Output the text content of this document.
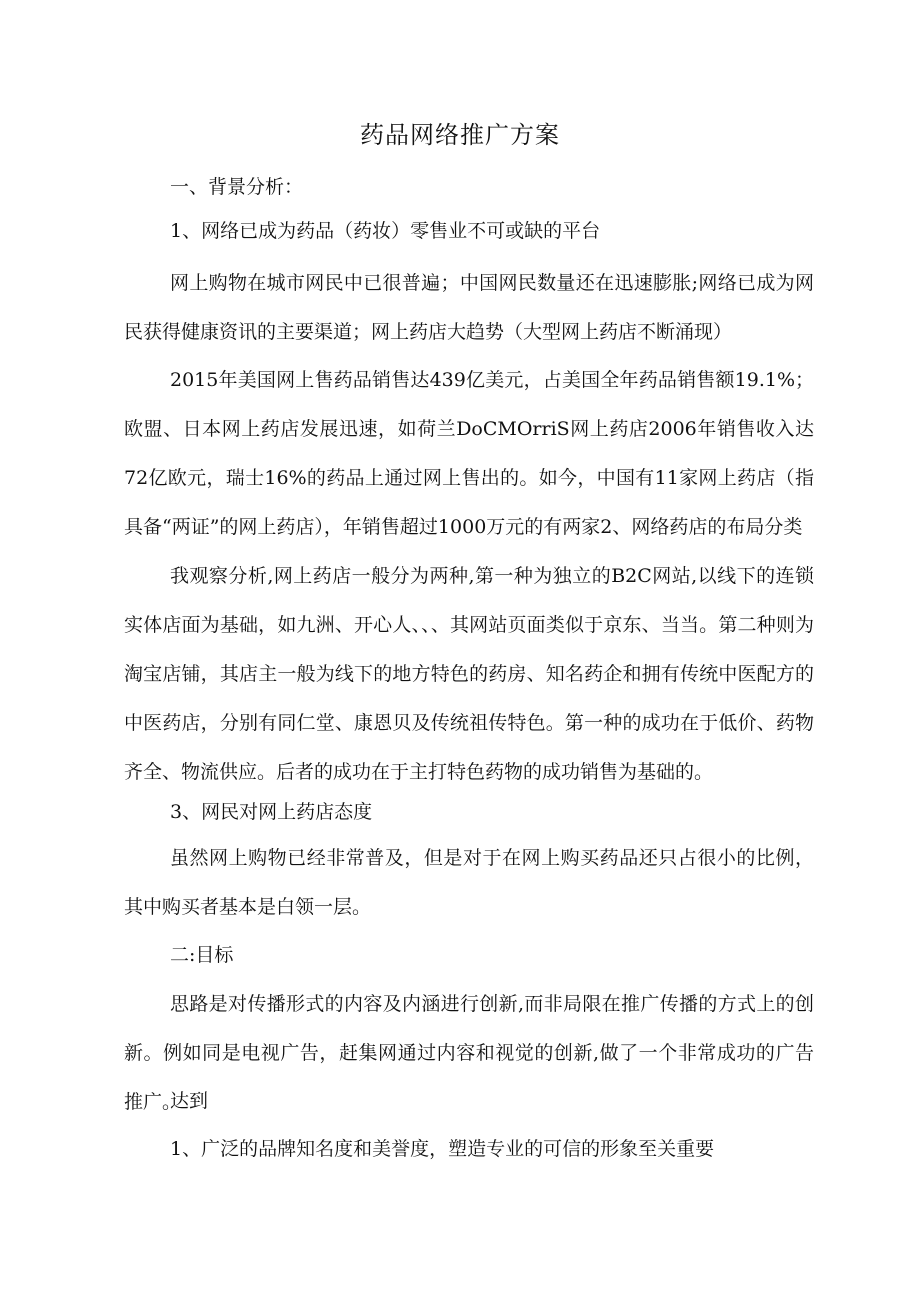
药品网络推广方案
一、背景分析：
1、网络已成为药品（药妆）零售业不可或缺的平台

网上购物在城市网民中已很普遍；中国网民数量还在迅速膨胀;网络已成为网民获得健康资讯的主要渠道；网上药店大趋势（大型网上药店不断涌现）

2015年美国网上售药品销售达439亿美元，占美国全年药品销售额19.1%；欧盟、日本网上药店发展迅速，如荷兰DoCMOrriS网上药店2006年销售收入达72亿欧元，瑞士16%的药品上通过网上售出的。如今，中国有11家网上药店（指具备“两证”的网上药店），年销售超过1000万元的有两家2、网络药店的布局分类

我观察分析,网上药店一般分为两种,第一种为独立的B2C网站,以线下的连锁实体店面为基础，如九洲、开心人、、、其网站页面类似于京东、当当。第二种则为淘宝店铺，其店主一般为线下的地方特色的药房、知名药企和拥有传统中医配方的中医药店，分别有同仁堂、康恩贝及传统祖传特色。第一种的成功在于低价、药物齐全、物流供应。后者的成功在于主打特色药物的成功销售为基础的。

3、网民对网上药店态度

虽然网上购物已经非常普及，但是对于在网上购买药品还只占很小的比例，其中购买者基本是白领一层。

二:目标

思路是对传播形式的内容及内涵进行创新,而非局限在推广传播的方式上的创新。例如同是电视广告，赶集网通过内容和视觉的创新,做了一个非常成功的广告推广。

达到
1、广泛的品牌知名度和美誉度，塑造专业的可信的形象至关重要
